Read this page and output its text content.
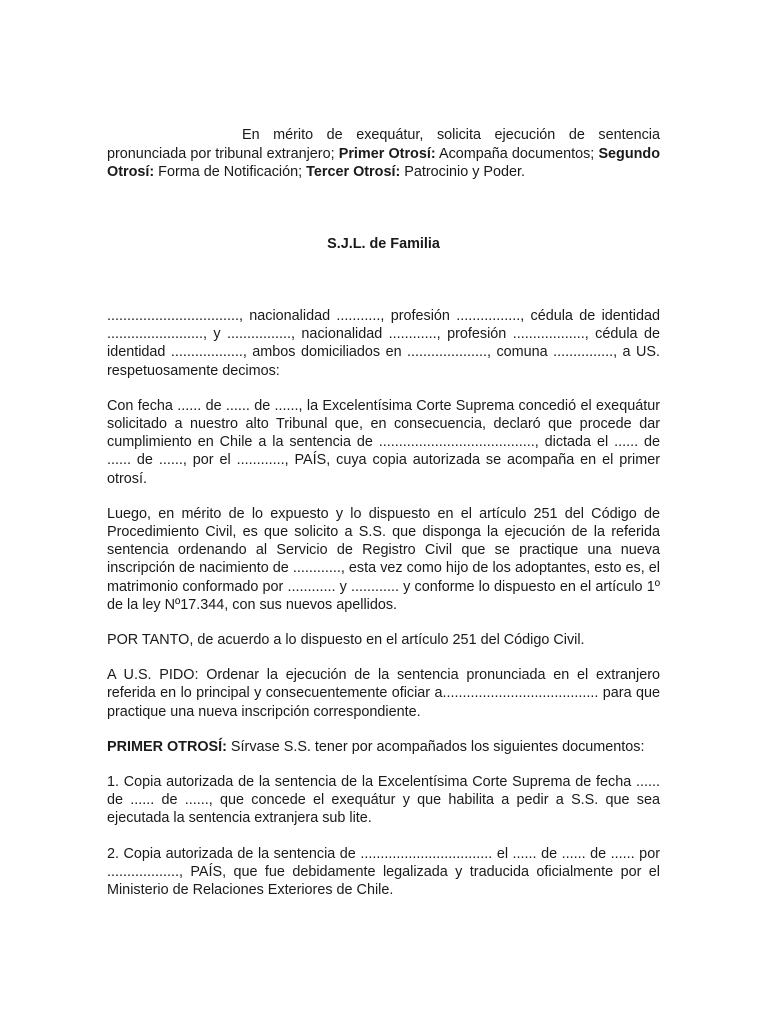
En mérito de exequátur, solicita ejecución de sentencia pronunciada por tribunal extranjero; Primer Otrosí: Acompaña documentos; Segundo Otrosí: Forma de Notificación; Tercer Otrosí: Patrocinio y Poder.

S.J.L. de Familia

................................., nacionalidad ..........., profesión ................, cédula de identidad ........................, y ................, nacionalidad ............, profesión .................., cédula de identidad .................., ambos domiciliados en ...................., comuna ..............., a US. respetuosamente decimos:

Con fecha ...... de ...... de ......, la Excelentísima Corte Suprema concedió el exequátur solicitado a nuestro alto Tribunal que, en consecuencia, declaró que procede dar cumplimiento en Chile a la sentencia de ......................................., dictada el ...... de ...... de ......, por el ............, PAÍS, cuya copia autorizada se acompaña en el primer otrosí.

Luego, en mérito de lo expuesto y lo dispuesto en el artículo 251 del Código de Procedimiento Civil, es que solicito a S.S. que disponga la ejecución de la referida sentencia ordenando al Servicio de Registro Civil que se practique una nueva inscripción de nacimiento de ............, esta vez como hijo de los adoptantes, esto es, el matrimonio conformado por ............ y ............ y conforme lo dispuesto en el artículo 1º de la ley Nº17.344, con sus nuevos apellidos.

POR TANTO, de acuerdo a lo dispuesto en el artículo 251 del Código Civil.

A U.S. PIDO: Ordenar la ejecución de la sentencia pronunciada en el extranjero referida en lo principal y consecuentemente oficiar a....................................... para que practique una nueva inscripción correspondiente.

PRIMER OTROSÍ: Sírvase S.S. tener por acompañados los siguientes documentos:

1. Copia autorizada de la sentencia de la Excelentísima Corte Suprema de fecha ...... de ...... de ......, que concede el exequátur y que habilita a pedir a S.S. que sea ejecutada la sentencia extranjera sub lite.

2. Copia autorizada de la sentencia de ................................. el ...... de ...... de ...... por .................., PAÍS, que fue debidamente legalizada y traducida oficialmente por el Ministerio de Relaciones Exteriores de Chile.
